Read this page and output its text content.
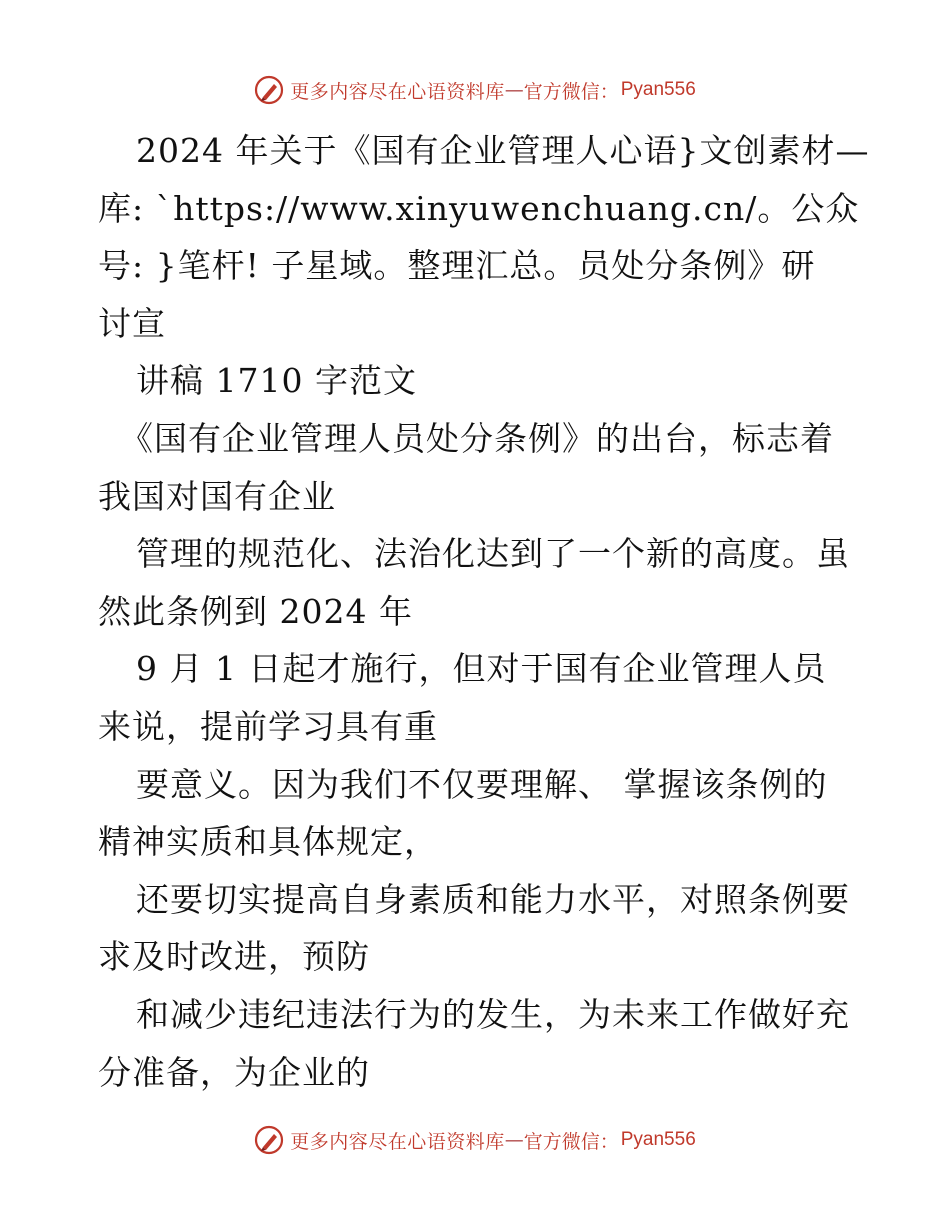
更多内容尽在心语资料库 — 官方微信： Pyan556
2024 年关于《国有企业管理人心语}文创素材—
库: `https://www.xinyuwenchuang.cn/。公众
号: }笔杆! 子星域。整理汇总。员处分条例》研
讨宣
讲稿 1710 字范文
《国有企业管理人员处分条例》的出台，标志着
我国对国有企业
管理的规范化、法治化达到了一个新的高度。虽
然此条例到 2024 年
9 月 1 日起才施行，但对于国有企业管理人员
来说，提前学习具有重
要意义。因为我们不仅要理解、 掌握该条例的
精神实质和具体规定，
还要切实提高自身素质和能力水平，对照条例要
求及时改进，预防
和减少违纪违法行为的发生，为未来工作做好充
分准备，为企业的
更多内容尽在心语资料库 — 官方微信： Pyan556
